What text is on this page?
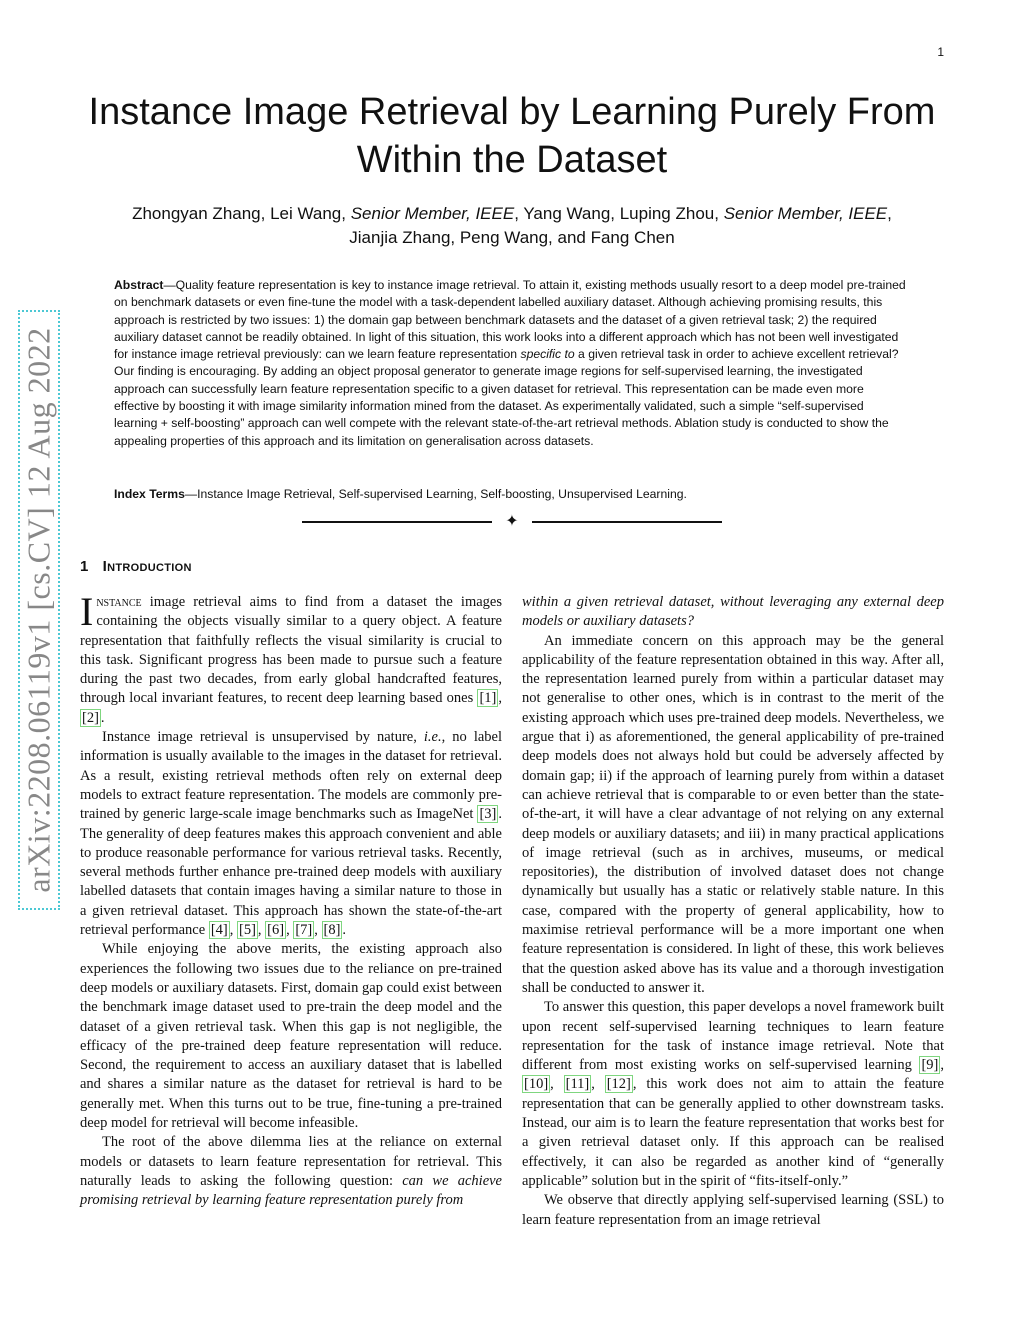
1
arXiv:2208.06119v1 [cs.CV] 12 Aug 2022
Instance Image Retrieval by Learning Purely From Within the Dataset
Zhongyan Zhang, Lei Wang, Senior Member, IEEE, Yang Wang, Luping Zhou, Senior Member, IEEE,
Jianjia Zhang, Peng Wang, and Fang Chen
Abstract—Quality feature representation is key to instance image retrieval. To attain it, existing methods usually resort to a deep model pre-trained on benchmark datasets or even fine-tune the model with a task-dependent labelled auxiliary dataset. Although achieving promising results, this approach is restricted by two issues: 1) the domain gap between benchmark datasets and the dataset of a given retrieval task; 2) the required auxiliary dataset cannot be readily obtained. In light of this situation, this work looks into a different approach which has not been well investigated for instance image retrieval previously: can we learn feature representation specific to a given retrieval task in order to achieve excellent retrieval? Our finding is encouraging. By adding an object proposal generator to generate image regions for self-supervised learning, the investigated approach can successfully learn feature representation specific to a given dataset for retrieval. This representation can be made even more effective by boosting it with image similarity information mined from the dataset. As experimentally validated, such a simple “self-supervised learning + self-boosting” approach can well compete with the relevant state-of-the-art retrieval methods. Ablation study is conducted to show the appealing properties of this approach and its limitation on generalisation across datasets.
Index Terms—Instance Image Retrieval, Self-supervised Learning, Self-boosting, Unsupervised Learning.
✦
1 Introduction

Instance image retrieval aims to find from a dataset the images containing the objects visually similar to a query object. A feature representation that faithfully reflects the visual similarity is crucial to this task. Significant progress has been made to pursue such a feature during the past two decades, from early global handcrafted features, through local invariant features, to recent deep learning based ones [1] , [2] .

Instance image retrieval is unsupervised by nature, i.e., no label information is usually available to the images in the dataset for retrieval. As a result, existing retrieval methods often rely on external deep models to extract feature representation. The models are commonly pre-trained by generic large-scale image benchmarks such as ImageNet [3] . The generality of deep features makes this approach convenient and able to produce reasonable performance for various retrieval tasks. Recently, several methods further enhance pre-trained deep models with auxiliary labelled datasets that contain images having a similar nature to those in a given retrieval dataset. This approach has shown the state-of-the-art retrieval performance [4] , [5] , [6] , [7] , [8] .

While enjoying the above merits, the existing approach also experiences the following two issues due to the reliance on pre-trained deep models or auxiliary datasets. First, domain gap could exist between the benchmark image dataset used to pre-train the deep model and the dataset of a given retrieval task. When this gap is not negligible, the efficacy of the pre-trained deep feature representation will reduce. Second, the requirement to access an auxiliary dataset that is labelled and shares a similar nature as the dataset for retrieval is hard to be generally met. When this turns out to be true, fine-tuning a pre-trained deep model for retrieval will become infeasible.

The root of the above dilemma lies at the reliance on external models or datasets to learn feature representation for retrieval. This naturally leads to asking the following question: can we achieve promising retrieval by learning feature representation purely from

within a given retrieval dataset, without leveraging any external deep models or auxiliary datasets?

An immediate concern on this approach may be the general applicability of the feature representation obtained in this way. After all, the representation learned purely from within a particular dataset may not generalise to other ones, which is in contrast to the merit of the existing approach which uses pre-trained deep models. Nevertheless, we argue that i) as aforementioned, the general applicability of pre-trained deep models does not always hold but could be adversely affected by domain gap; ii) if the approach of learning purely from within a dataset can achieve retrieval that is comparable to or even better than the state-of-the-art, it will have a clear advantage of not relying on any external deep models or auxiliary datasets; and iii) in many practical applications of image retrieval (such as in archives, museums, or medical repositories), the distribution of involved dataset does not change dynamically but usually has a static or relatively stable nature. In this case, compared with the property of general applicability, how to maximise retrieval performance will be a more important one when feature representation is considered. In light of these, this work believes that the question asked above has its value and a thorough investigation shall be conducted to answer it.

To answer this question, this paper develops a novel framework built upon recent self-supervised learning techniques to learn feature representation for the task of instance image retrieval. Note that different from most existing works on self-supervised learning [9] , [10] , [11] , [12] , this work does not aim to attain the feature representation that can be generally applied to other downstream tasks. Instead, our aim is to learn the feature representation that works best for a given retrieval dataset only. If this approach can be realised effectively, it can also be regarded as another kind of “generally applicable” solution but in the spirit of “fits-itself-only.”

We observe that directly applying self-supervised learning (SSL) to learn feature representation from an image retrieval
